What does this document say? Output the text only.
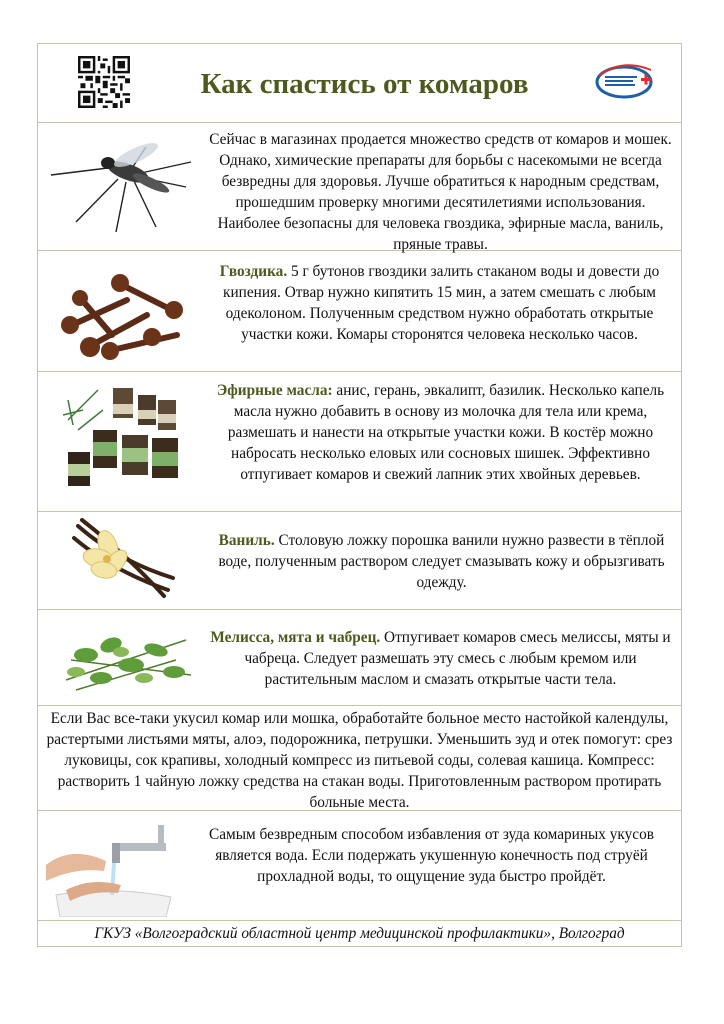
Как спастись от комаров
Сейчас в магазинах продается множество средств от комаров и мошек. Однако, химические препараты для борьбы с насекомыми не всегда безвредны для здоровья. Лучше обратиться к народным средствам, прошедшим проверку многими десятилетиями использования. Наиболее безопасны для человека гвоздика, эфирные масла, ваниль, пряные травы.
Гвоздика. 5 г бутонов гвоздики залить стаканом воды и довести до кипения. Отвар нужно кипятить 15 мин, а затем смешать с любым одеколоном. Полученным средством нужно обработать открытые участки кожи. Комары сторонятся человека несколько часов.
Эфирные масла: анис, герань, эвкалипт, базилик. Несколько капель масла нужно добавить в основу из молочка для тела или крема, размешать и нанести на открытые участки кожи. В костёр можно набросать несколько еловых или сосновых шишек. Эффективно отпугивает комаров и свежий лапник этих хвойных деревьев.
Ваниль. Столовую ложку порошка ванили нужно развести в тёплой воде, полученным раствором следует смазывать кожу и обрызгивать одежду.
Мелисса, мята и чабрец. Отпугивает комаров смесь мелиссы, мяты и чабреца. Следует размешать эту смесь с любым кремом или растительным маслом и смазать открытые части тела.
Если Вас все-таки укусил комар или мошка, обработайте больное место настойкой календулы, растертыми листьями мяты, алоэ, подорожника, петрушки. Уменьшить зуд и отек помогут: срез луковицы, сок крапивы, холодный компресс из питьевой соды, солевая кашица. Компресс: растворить 1 чайную ложку средства на стакан воды. Приготовленным раствором протирать больные места.
Самым безвредным способом избавления от зуда комариных укусов является вода. Если подержать укушенную конечность под струёй прохладной воды, то ощущение зуда быстро пройдёт.
ГКУЗ «Волгоградский областной центр медицинской профилактики», Волгоград
